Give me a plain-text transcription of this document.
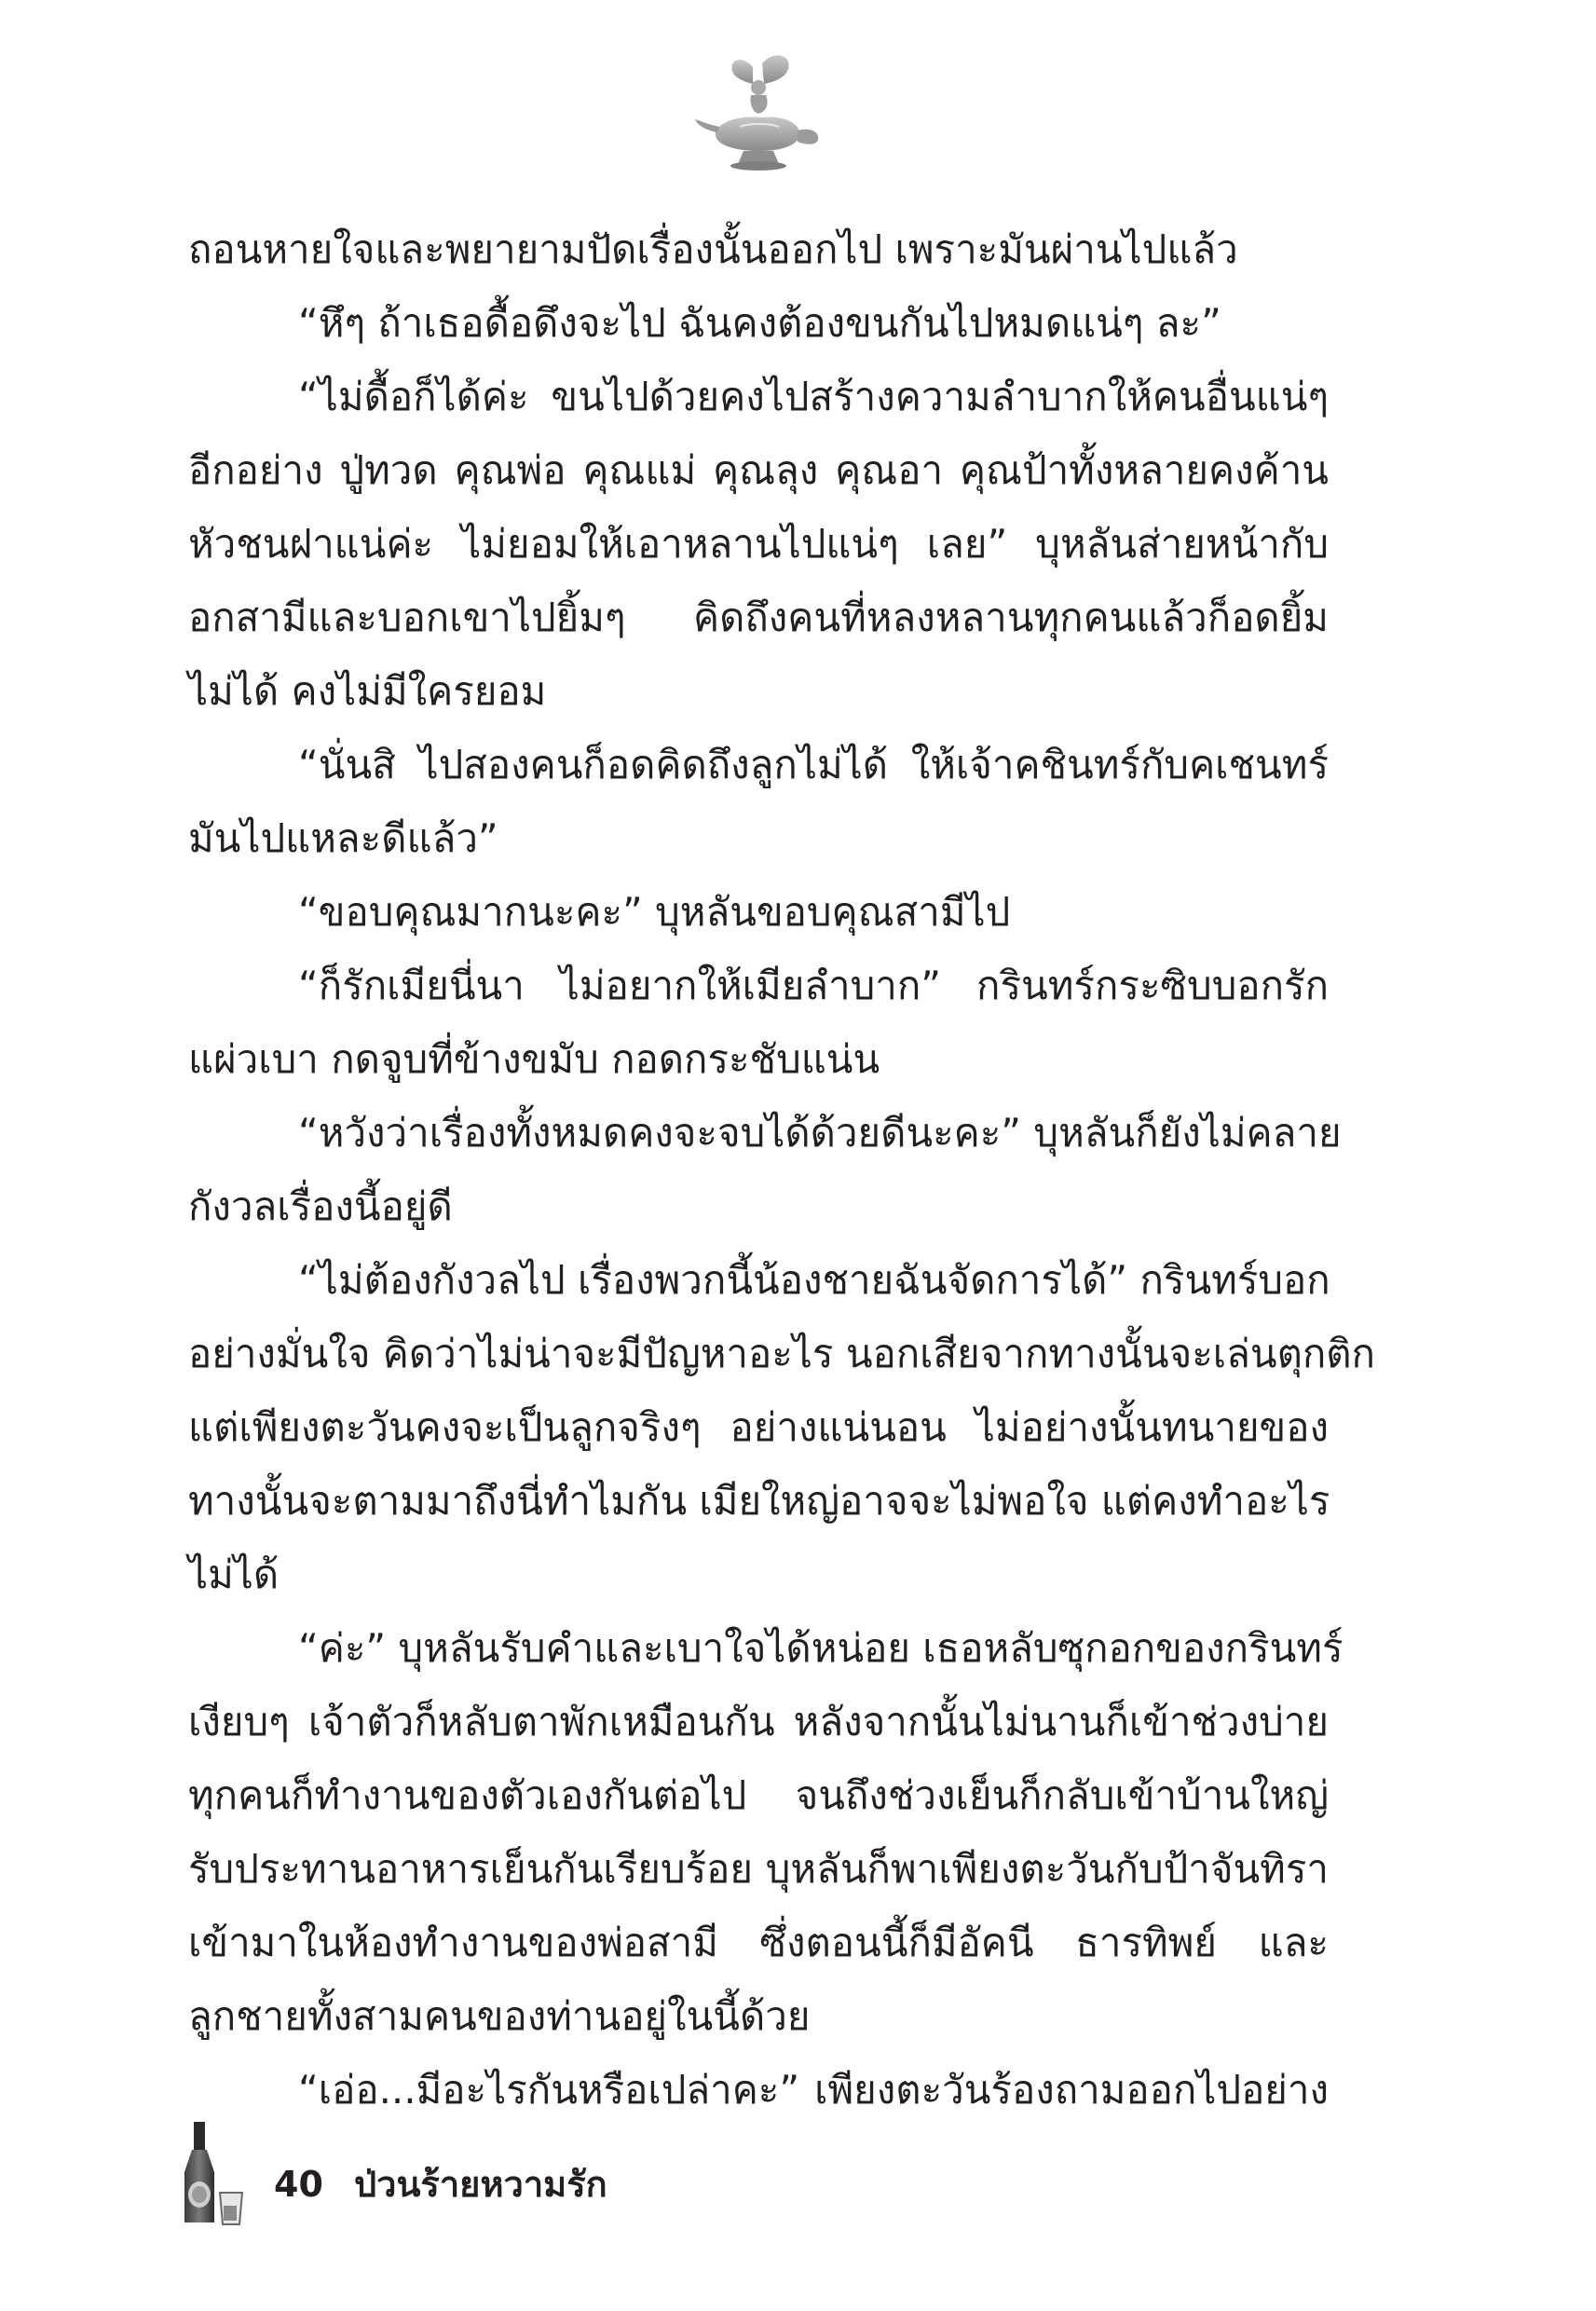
ถอนหายใจและพยายามปัดเรื่องนั้นออกไป เพราะมันผ่านไปแล้ว
“หึๆ ถ้าเธอดื้อดึงจะไป ฉันคงต้องขนกันไปหมดแน่ๆ ละ”
“ไม่ดื้อก็ได้ค่ะ ขนไปด้วยคงไปสร้างความลำบากให้คนอื่นแน่ๆ
อีกอย่าง ปู่ทวด คุณพ่อ คุณแม่ คุณลุง คุณอา คุณป้าทั้งหลายคงค้าน
หัวชนฝาแน่ค่ะ ไม่ยอมให้เอาหลานไปแน่ๆ เลย” บุหลันส่ายหน้ากับ
อกสามีและบอกเขาไปยิ้มๆ คิดถึงคนที่หลงหลานทุกคนแล้วก็อดยิ้ม
ไม่ได้ คงไม่มีใครยอม
“นั่นสิ ไปสองคนก็อดคิดถึงลูกไม่ได้ ให้เจ้าคชินทร์กับคเชนทร์
มันไปแหละดีแล้ว”
“ขอบคุณมากนะคะ” บุหลันขอบคุณสามีไป
“ก็รักเมียนี่นา ไม่อยากให้เมียลำบาก” กรินทร์กระซิบบอกรัก
แผ่วเบา กดจูบที่ข้างขมับ กอดกระชับแน่น
“หวังว่าเรื่องทั้งหมดคงจะจบได้ด้วยดีนะคะ” บุหลันก็ยังไม่คลาย
กังวลเรื่องนี้อยู่ดี
“ไม่ต้องกังวลไป เรื่องพวกนี้น้องชายฉันจัดการได้” กรินทร์บอก
อย่างมั่นใจ คิดว่าไม่น่าจะมีปัญหาอะไร นอกเสียจากทางนั้นจะเล่นตุกติก
แต่เพียงตะวันคงจะเป็นลูกจริงๆ อย่างแน่นอน ไม่อย่างนั้นทนายของ
ทางนั้นจะตามมาถึงนี่ทำไมกัน เมียใหญ่อาจจะไม่พอใจ แต่คงทำอะไร
ไม่ได้
“ค่ะ” บุหลันรับคำและเบาใจได้หน่อย เธอหลับซุกอกของกรินทร์
เงียบๆ เจ้าตัวก็หลับตาพักเหมือนกัน หลังจากนั้นไม่นานก็เข้าช่วงบ่าย
ทุกคนก็ทำงานของตัวเองกันต่อไป จนถึงช่วงเย็นก็กลับเข้าบ้านใหญ่
รับประทานอาหารเย็นกันเรียบร้อย บุหลันก็พาเพียงตะวันกับป้าจันทิรา
เข้ามาในห้องทำงานของพ่อสามี ซึ่งตอนนี้ก็มีอัคนี ธารทิพย์ และ
ลูกชายทั้งสามคนของท่านอยู่ในนี้ด้วย
“เอ่อ...มีอะไรกันหรือเปล่าคะ” เพียงตะวันร้องถามออกไปอย่าง
40 ป่วนร้ายหวามรัก
